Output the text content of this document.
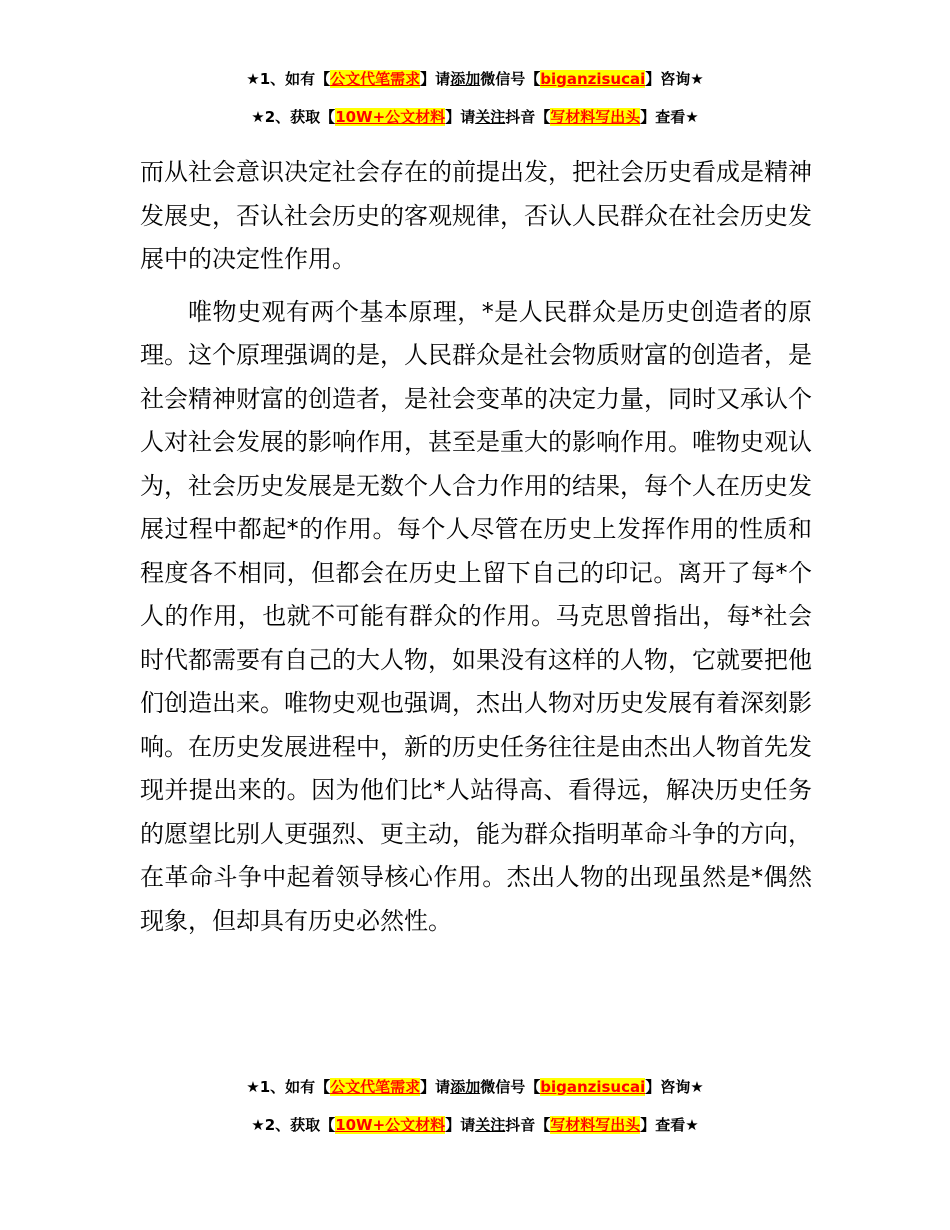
★1、如有【公文代笔需求】请添加微信号【biganzisucai】咨询★
★2、获取【10W+公文材料】请关注抖音【写材料写出头】查看★

而从社会意识决定社会存在的前提出发，把社会历史看成是精神发展史，否认社会历史的客观规律，否认人民群众在社会历史发展中的决定性作用。

唯物史观有两个基本原理，*是人民群众是历史创造者的原理。这个原理强调的是，人民群众是社会物质财富的创造者，是社会精神财富的创造者，是社会变革的决定力量，同时又承认个人对社会发展的影响作用，甚至是重大的影响作用。唯物史观认为，社会历史发展是无数个人合力作用的结果，每个人在历史发展过程中都起*的作用。每个人尽管在历史上发挥作用的性质和程度各不相同，但都会在历史上留下自己的印记。离开了每*个人的作用，也就不可能有群众的作用。马克思曾指出，每*社会时代都需要有自己的大人物，如果没有这样的人物，它就要把他们创造出来。唯物史观也强调，杰出人物对历史发展有着深刻影响。在历史发展进程中，新的历史任务往往是由杰出人物首先发现并提出来的。因为他们比*人站得高、看得远，解决历史任务的愿望比别人更强烈、更主动，能为群众指明革命斗争的方向，在革命斗争中起着领导核心作用。杰出人物的出现虽然是*偶然现象，但却具有历史必然性。

★1、如有【公文代笔需求】请添加微信号【biganzisucai】咨询★
★2、获取【10W+公文材料】请关注抖音【写材料写出头】查看★
